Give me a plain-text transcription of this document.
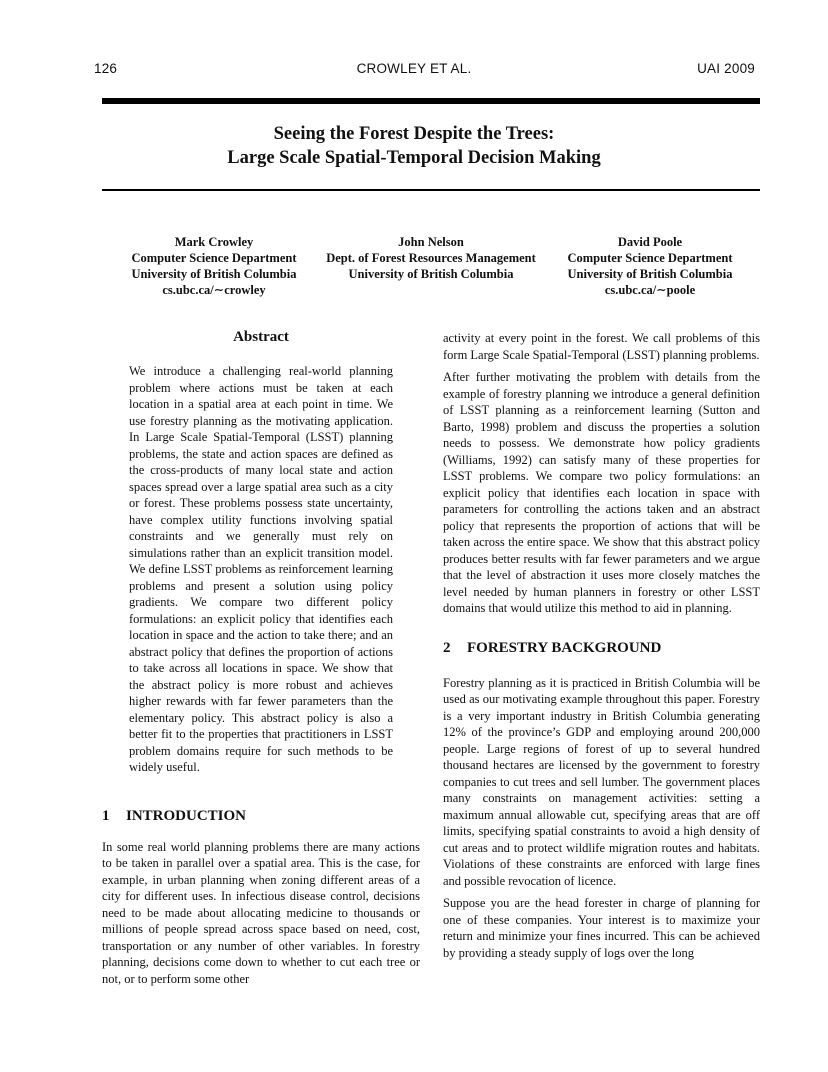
126	CROWLEY ET AL.	UAI 2009
Seeing the Forest Despite the Trees:
Large Scale Spatial-Temporal Decision Making
Mark Crowley
Computer Science Department
University of British Columbia
cs.ubc.ca/∼crowley
John Nelson
Dept. of Forest Resources Management
University of British Columbia
David Poole
Computer Science Department
University of British Columbia
cs.ubc.ca/∼poole
Abstract

We introduce a challenging real-world planning problem where actions must be taken at each location in a spatial area at each point in time. We use forestry planning as the motivating application. In Large Scale Spatial-Temporal (LSST) planning problems, the state and action spaces are defined as the cross-products of many local state and action spaces spread over a large spatial area such as a city or forest. These problems possess state uncertainty, have complex utility functions involving spatial constraints and we generally must rely on simulations rather than an explicit transition model. We define LSST problems as reinforcement learning problems and present a solution using policy gradients. We compare two different policy formulations: an explicit policy that identifies each location in space and the action to take there; and an abstract policy that defines the proportion of actions to take across all locations in space. We show that the abstract policy is more robust and achieves higher rewards with far fewer parameters than the elementary policy. This abstract policy is also a better fit to the properties that practitioners in LSST problem domains require for such methods to be widely useful.

1 INTRODUCTION

In some real world planning problems there are many actions to be taken in parallel over a spatial area. This is the case, for example, in urban planning when zoning different areas of a city for different uses. In infectious disease control, decisions need to be made about allocating medicine to thousands or millions of people spread across space based on need, cost, transportation or any number of other variables. In forestry planning, decisions come down to whether to cut each tree or not, or to perform some other

activity at every point in the forest. We call problems of this form Large Scale Spatial-Temporal (LSST) planning problems.

After further motivating the problem with details from the example of forestry planning we introduce a general definition of LSST planning as a reinforcement learning (Sutton and Barto, 1998) problem and discuss the properties a solution needs to possess. We demonstrate how policy gradients (Williams, 1992) can satisfy many of these properties for LSST problems. We compare two policy formulations: an explicit policy that identifies each location in space with parameters for controlling the actions taken and an abstract policy that represents the proportion of actions that will be taken across the entire space. We show that this abstract policy produces better results with far fewer parameters and we argue that the level of abstraction it uses more closely matches the level needed by human planners in forestry or other LSST domains that would utilize this method to aid in planning.

2 FORESTRY BACKGROUND

Forestry planning as it is practiced in British Columbia will be used as our motivating example throughout this paper. Forestry is a very important industry in British Columbia generating 12% of the province’s GDP and employing around 200,000 people. Large regions of forest of up to several hundred thousand hectares are licensed by the government to forestry companies to cut trees and sell lumber. The government places many constraints on management activities: setting a maximum annual allowable cut, specifying areas that are off limits, specifying spatial constraints to avoid a high density of cut areas and to protect wildlife migration routes and habitats. Violations of these constraints are enforced with large fines and possible revocation of licence.

Suppose you are the head forester in charge of planning for one of these companies. Your interest is to maximize your return and minimize your fines incurred. This can be achieved by providing a steady supply of logs over the long
